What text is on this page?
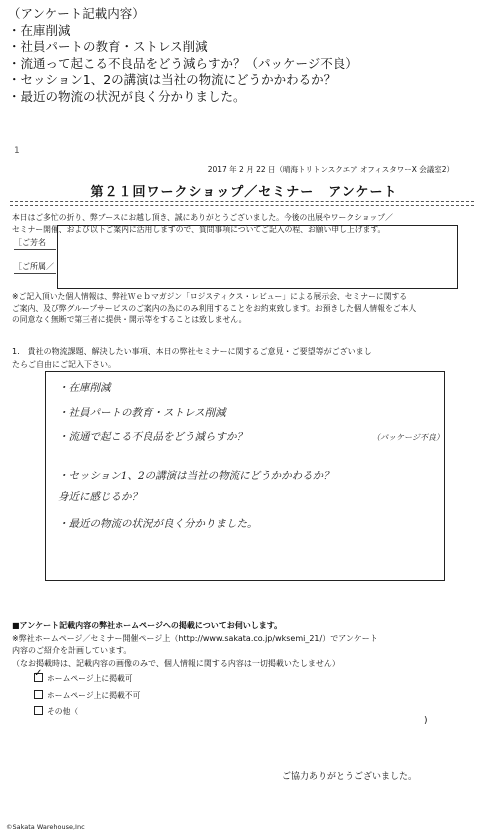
（アンケート記載内容）
・在庫削減
・社員パートの教育・ストレス削減
・流通って起こる不良品をどう減らすか？（パッケージ不良）
・セッション1、2の講演は当社の物流にどうかかわるか？
・最近の物流の状況が良く分かりました。
1
2017 年 2 月 22 日（晴海トリトンスクエア オフィスタワーX 会議室2）
第２１回ワークショップ／セミナー　アンケート
本日はご多忙の折り、弊ブースにお越し頂き、誠にありがとうございました。今後の出展やワークショップ／
セミナー開催、および以下ご案内に活用しますので、質問事項についてご記入の程、お願い申し上げます。
［ご芳名
［ご所属／
※ご記入頂いた個人情報は、弊社Ｗｅｂマガジン「ロジスティクス・レビュー」による展示会、セミナーに関する
ご案内、及び弊グループサービスのご案内の為にのみ利用することをお約束致します。お預きした個人情報をご本人
の同意なく無断で第三者に提供・開示等をすることは致しません。
1.　貴社の物流課題、解決したい事項、本日の弊社セミナーに関するご意見・ご要望等がございまし
たらご自由にご記入下さい。
・在庫削減
・社員パートの教育・ストレス削減
・流通で起こる不良品をどう減らすか？	（パッケージ不良）
・セッション1、2の講演は当社の物流にどうかかわるか？
身近に感じるか？
・最近の物流の状況が良く分かりました。
■アンケート記載内容の弊社ホームページへの掲載についてお伺いします。
※弊社ホームページ／セミナー開催ページ上（http://www.sakata.co.jp/wksemi_21/）でアンケート
内容のご紹介を計画しています。
（なお掲載時は、記載内容の画像のみで、個人情報に関する内容は一切掲載いたしません）
✓ ホームページ上に掲載可
ホームページ上に掲載不可
その他（
)
ご協力ありがとうございました。
©Sakata Warehouse,Inc
